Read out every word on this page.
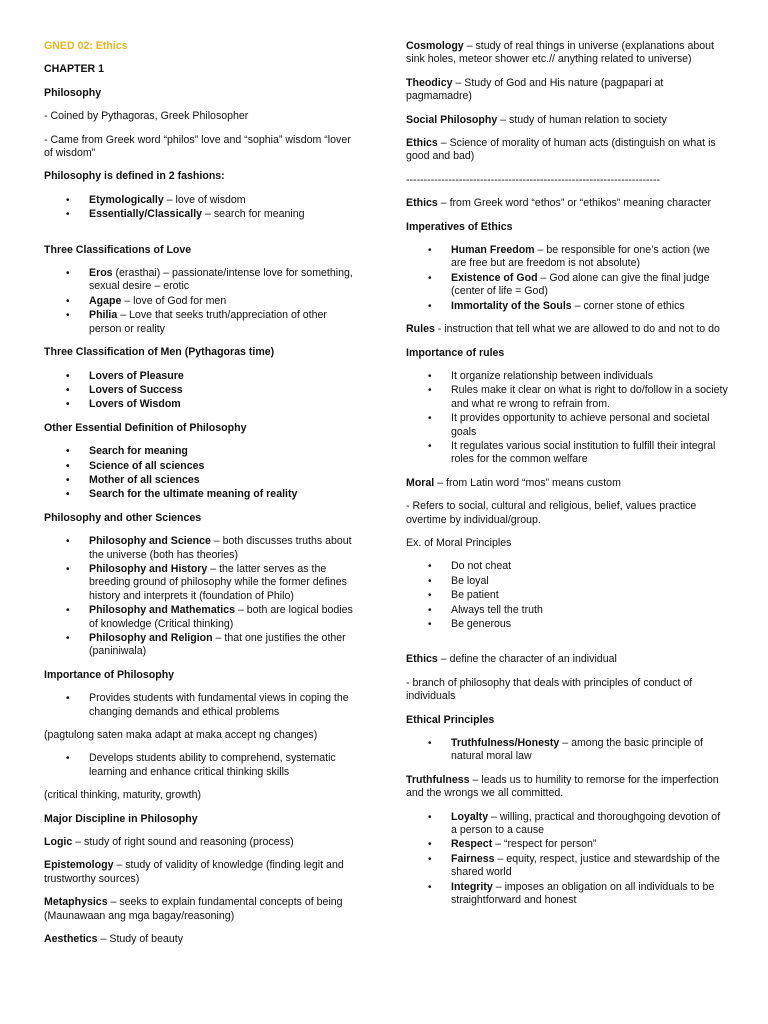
GNED 02: Ethics
CHAPTER 1
Philosophy
- Coined by Pythagoras, Greek Philosopher
- Came from Greek word “philos” love and “sophia” wisdom “lover of wisdom”
Philosophy is defined in 2 fashions:
• Etymologically – love of wisdom
• Essentially/Classically – search for meaning
Three Classifications of Love
• Eros (erasthai) – passionate/intense love for something, sexual desire – erotic
• Agape – love of God for men
• Philia – Love that seeks truth/appreciation of other person or reality
Three Classification of Men (Pythagoras time)
• Lovers of Pleasure
• Lovers of Success
• Lovers of Wisdom
Other Essential Definition of Philosophy
• Search for meaning
• Science of all sciences
• Mother of all sciences
• Search for the ultimate meaning of reality
Philosophy and other Sciences
• Philosophy and Science – both discusses truths about the universe (both has theories)
• Philosophy and History – the latter serves as the breeding ground of philosophy while the former defines history and interprets it (foundation of Philo)
• Philosophy and Mathematics – both are logical bodies of knowledge (Critical thinking)
• Philosophy and Religion – that one justifies the other (paniniwala)
Importance of Philosophy
• Provides students with fundamental views in coping the changing demands and ethical problems
(pagtulong saten maka adapt at maka accept ng changes)
• Develops students ability to comprehend, systematic learning and enhance critical thinking skills
(critical thinking, maturity, growth)
Major Discipline in Philosophy
Logic – study of right sound and reasoning (process)
Epistemology – study of validity of knowledge (finding legit and trustworthy sources)
Metaphysics – seeks to explain fundamental concepts of being (Maunawaan ang mga bagay/reasoning)
Aesthetics – Study of beauty
Cosmology – study of real things in universe (explanations about sink holes, meteor shower etc.// anything related to universe)
Theodicy – Study of God and His nature (pagpapari at pagmamadre)
Social Philosophy – study of human relation to society
Ethics – Science of morality of human acts (distinguish on what is good and bad)
------------------------------------------------------------------------
Ethics – from Greek word “ethos” or “ethikos” meaning character
Imperatives of Ethics
• Human Freedom – be responsible for one’s action (we are free but are freedom is not absolute)
• Existence of God – God alone can give the final judge (center of life = God)
• Immortality of the Souls – corner stone of ethics
Rules - instruction that tell what we are allowed to do and not to do
Importance of rules
• It organize relationship between individuals
• Rules make it clear on what is right to do/follow in a society and what re wrong to refrain from.
• It provides opportunity to achieve personal and societal goals
• It regulates various social institution to fulfill their integral roles for the common welfare
Moral – from Latin word “mos” means custom
- Refers to social, cultural and religious, belief, values practice overtime by individual/group.
Ex. of Moral Principles
• Do not cheat
• Be loyal
• Be patient
• Always tell the truth
• Be generous
Ethics – define the character of an individual
- branch of philosophy that deals with principles of conduct of individuals
Ethical Principles
• Truthfulness/Honesty – among the basic principle of natural moral law
Truthfulness – leads us to humility to remorse for the imperfection and the wrongs we all committed.
• Loyalty – willing, practical and thoroughgoing devotion of a person to a cause
• Respect – “respect for person”
• Fairness – equity, respect, justice and stewardship of the shared world
• Integrity – imposes an obligation on all individuals to be straightforward and honest
